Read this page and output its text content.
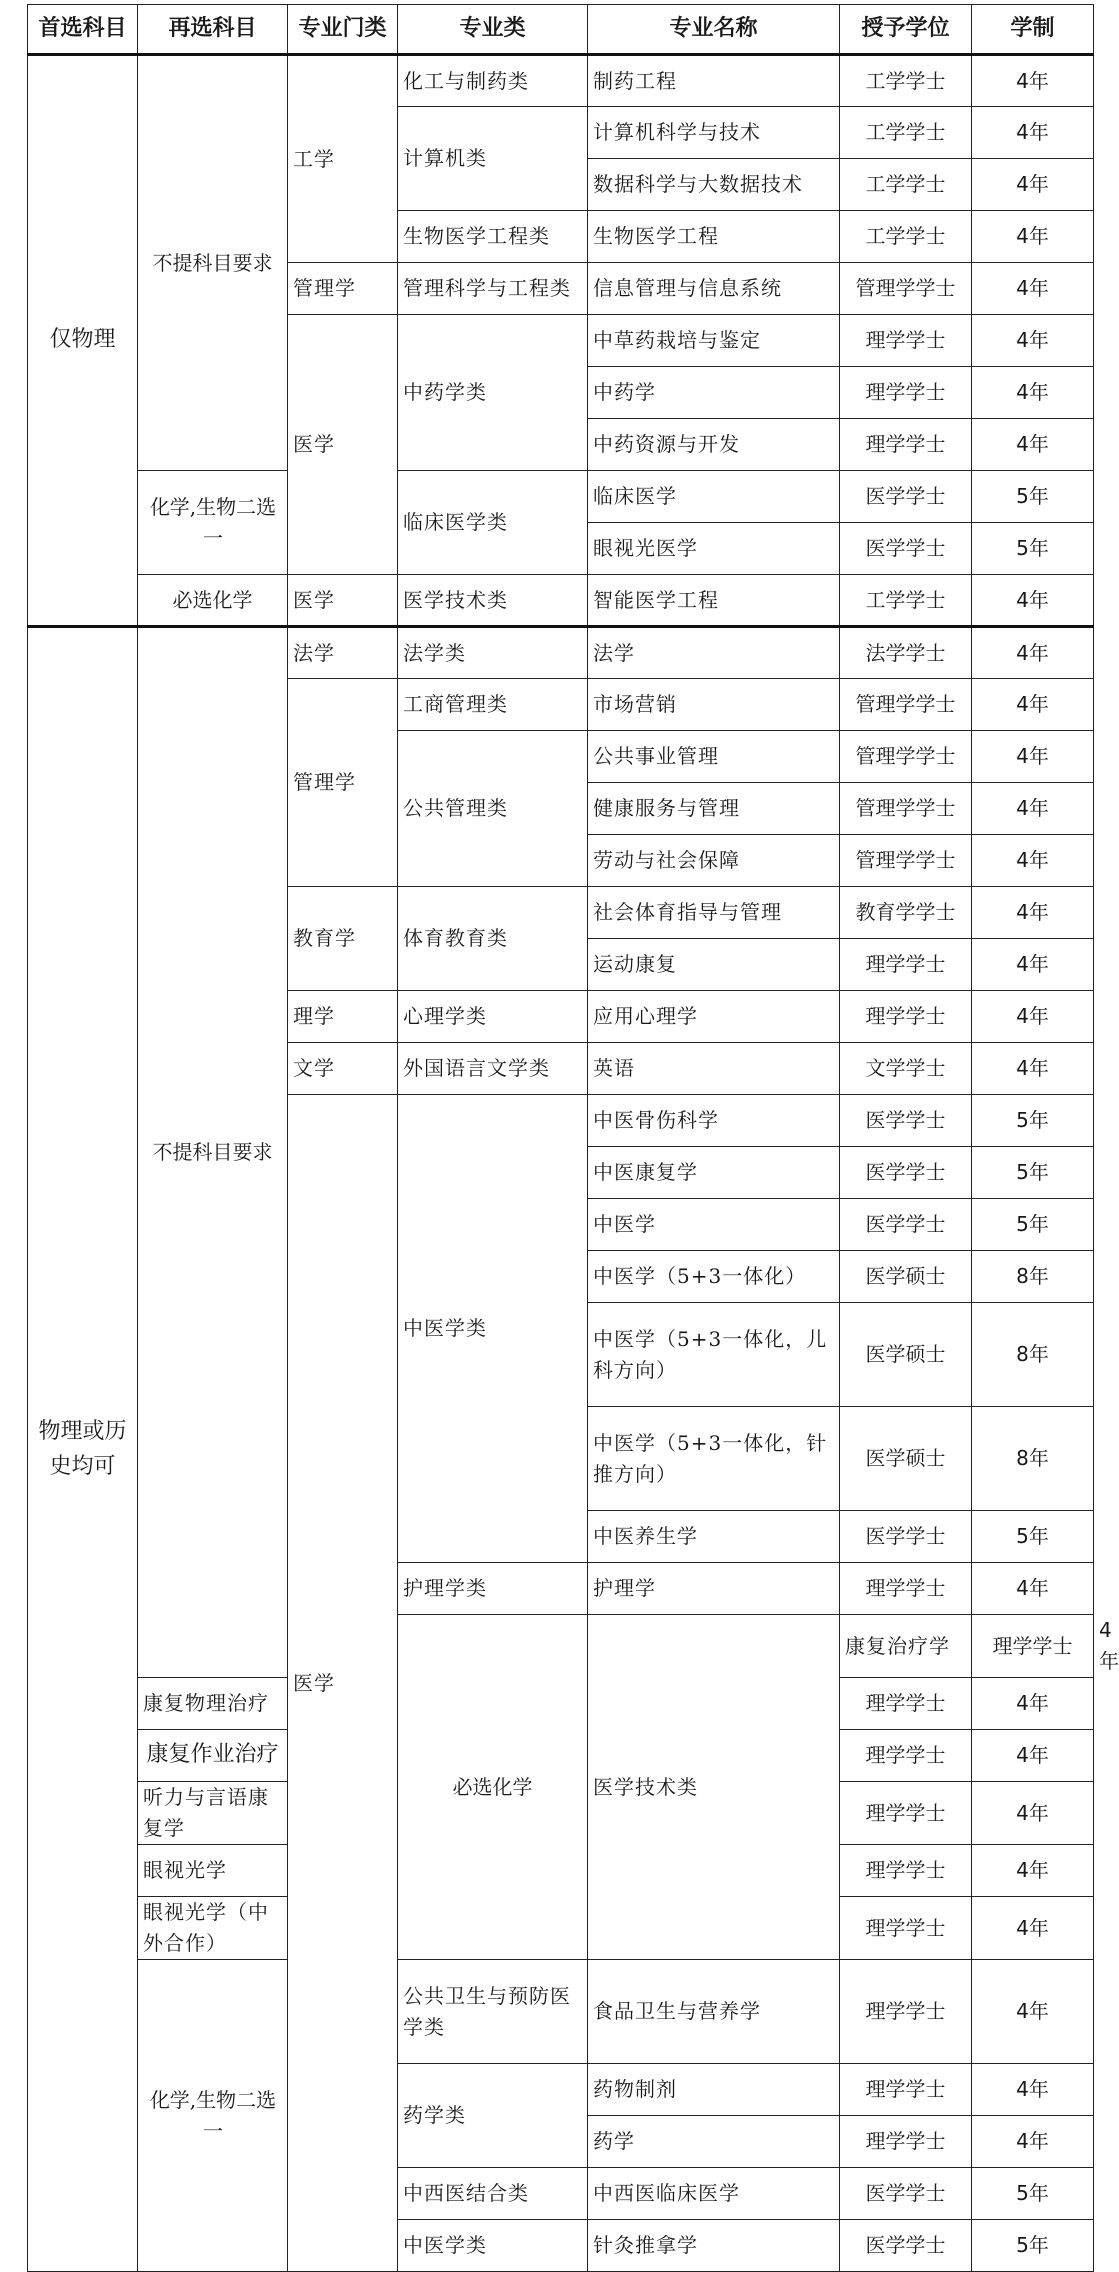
首选科目	再选科目	专业门类	专业类	专业名称	授予学位	学制	
仅物理	不提科目要求	工学	化工与制药类	制药工程	工学学士	4年	
			计算机类	计算机科学与技术	工学学士	4年	
				数据科学与大数据技术	工学学士	4年	
			生物医学工程类	生物医学工程	工学学士	4年	
		管理学	管理科学与工程类	信息管理与信息系统	管理学学士	4年	
		医学	中药学类	中草药栽培与鉴定	理学学士	4年	
				中药学	理学学士	4年	
				中药资源与开发	理学学士	4年	

	化学,生物二选一		临床医学类	临床医学	医学学士	5年	
				眼视光医学	医学学士	5年	
	必选化学	医学	医学技术类	智能医学工程	工学学士	4年	

物理或历史均可	不提科目要求	法学	法学类	法学	法学学士	4年	
		管理学	工商管理类	市场营销	管理学学士	4年	
			公共管理类	公共事业管理	管理学学士	4年	
				健康服务与管理	管理学学士	4年	
				劳动与社会保障	管理学学士	4年	
		教育学	体育教育类	社会体育指导与管理	教育学学士	4年	
				运动康复	理学学士	4年	
		理学	心理学类	应用心理学	理学学士	4年	
		文学	外国语言文学类	英语	文学学士	4年	
		医学	中医学类	中医骨伤科学	医学学士	5年	
				中医康复学	医学学士	5年	
				中医学	医学学士	5年	
				中医学（5+3一体化）	医学硕士	8年	
				中医学（5+3一体化，儿科方向）	医学硕士	8年	
				中医学（5+3一体化，针推方向）	医学硕士	8年	
				中医养生学	医学学士	5年	
			护理学类	护理学	理学学士	4年	
			必选化学	医学技术类	康复治疗学	理学学士	4年
	康复物理治疗				理学学士	4年	
	康复作业治疗				理学学士	4年	
	听力与言语康复学				理学学士	4年	
	眼视光学				理学学士	4年	
	眼视光学（中外合作）				理学学士	4年	

	化学,生物二选一		公共卫生与预防医学类	食品卫生与营养学	理学学士	4年	
			药学类	药物制剂	理学学士	4年	
				药学	理学学士	4年	
			中西医结合类	中西医临床医学	医学学士	5年	
			中医学类	针灸推拿学	医学学士	5年	
